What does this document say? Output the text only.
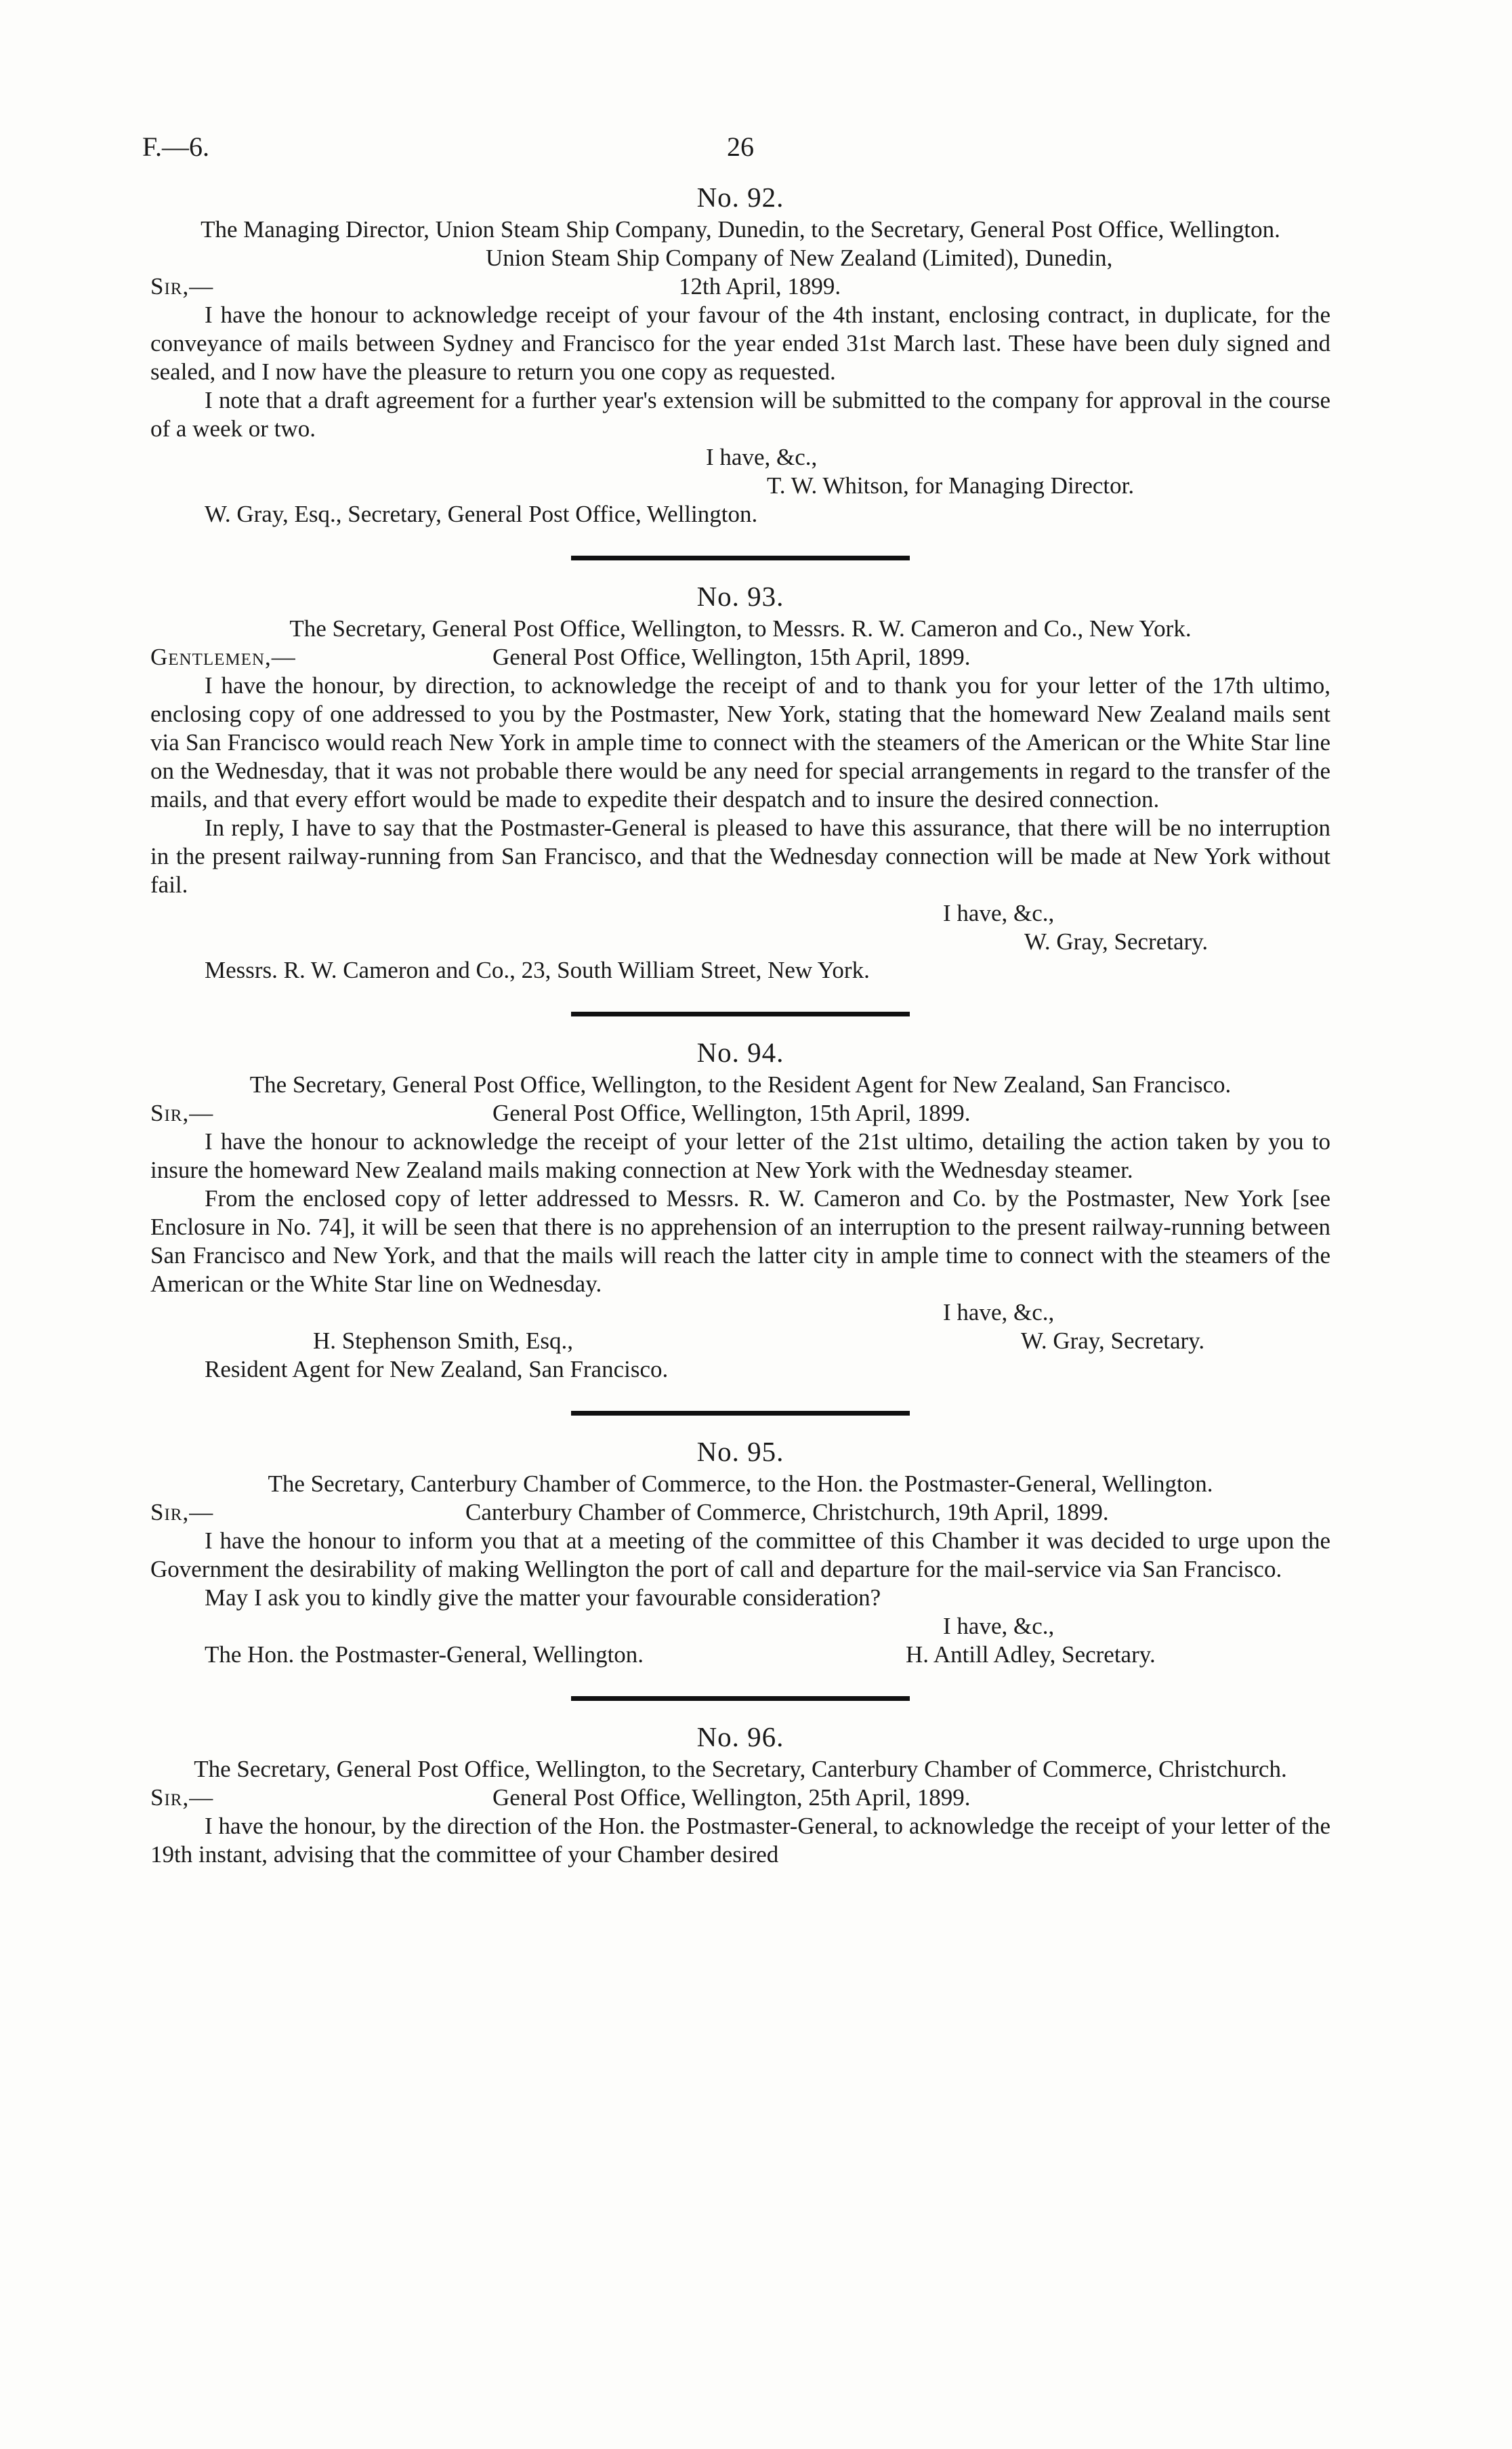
F.—6.	26
No. 92.
The Managing Director, Union Steam Ship Company, Dunedin, to the Secretary, General Post Office, Wellington.
Union Steam Ship Company of New Zealand (Limited), Dunedin,
Sir,—	12th April, 1899.

I have the honour to acknowledge receipt of your favour of the 4th instant, enclosing contract, in duplicate, for the conveyance of mails between Sydney and Francisco for the year ended 31st March last. These have been duly signed and sealed, and I now have the pleasure to return you one copy as requested.

I note that a draft agreement for a further year's extension will be submitted to the company for approval in the course of a week or two.

I have, &c.,
T. W. Whitson, for Managing Director.
W. Gray, Esq., Secretary, General Post Office, Wellington.
No. 93.
The Secretary, General Post Office, Wellington, to Messrs. R. W. Cameron and Co., New York.
Gentlemen,—	General Post Office, Wellington, 15th April, 1899.

I have the honour, by direction, to acknowledge the receipt of and to thank you for your letter of the 17th ultimo, enclosing copy of one addressed to you by the Postmaster, New York, stating that the homeward New Zealand mails sent via San Francisco would reach New York in ample time to connect with the steamers of the American or the White Star line on the Wednesday, that it was not probable there would be any need for special arrangements in regard to the transfer of the mails, and that every effort would be made to expedite their despatch and to insure the desired connection.

In reply, I have to say that the Postmaster-General is pleased to have this assurance, that there will be no interruption in the present railway-running from San Francisco, and that the Wednesday connection will be made at New York without fail.

I have, &c.,
W. Gray, Secretary.
Messrs. R. W. Cameron and Co., 23, South William Street, New York.
No. 94.
The Secretary, General Post Office, Wellington, to the Resident Agent for New Zealand, San Francisco.
Sir,—	General Post Office, Wellington, 15th April, 1899.

I have the honour to acknowledge the receipt of your letter of the 21st ultimo, detailing the action taken by you to insure the homeward New Zealand mails making connection at New York with the Wednesday steamer.

From the enclosed copy of letter addressed to Messrs. R. W. Cameron and Co. by the Postmaster, New York [see Enclosure in No. 74], it will be seen that there is no apprehension of an interruption to the present railway-running between San Francisco and New York, and that the mails will reach the latter city in ample time to connect with the steamers of the American or the White Star line on Wednesday.

I have, &c.,
H. Stephenson Smith, Esq.,	W. Gray, Secretary.
Resident Agent for New Zealand, San Francisco.
No. 95.
The Secretary, Canterbury Chamber of Commerce, to the Hon. the Postmaster-General, Wellington.
Sir,—	Canterbury Chamber of Commerce, Christchurch, 19th April, 1899.

I have the honour to inform you that at a meeting of the committee of this Chamber it was decided to urge upon the Government the desirability of making Wellington the port of call and departure for the mail-service via San Francisco.

May I ask you to kindly give the matter your favourable consideration?

I have, &c.,
The Hon. the Postmaster-General, Wellington.	H. Antill Adley, Secretary.
No. 96.
The Secretary, General Post Office, Wellington, to the Secretary, Canterbury Chamber of Commerce, Christchurch.
Sir,—	General Post Office, Wellington, 25th April, 1899.

I have the honour, by the direction of the Hon. the Postmaster-General, to acknowledge the receipt of your letter of the 19th instant, advising that the committee of your Chamber desired
